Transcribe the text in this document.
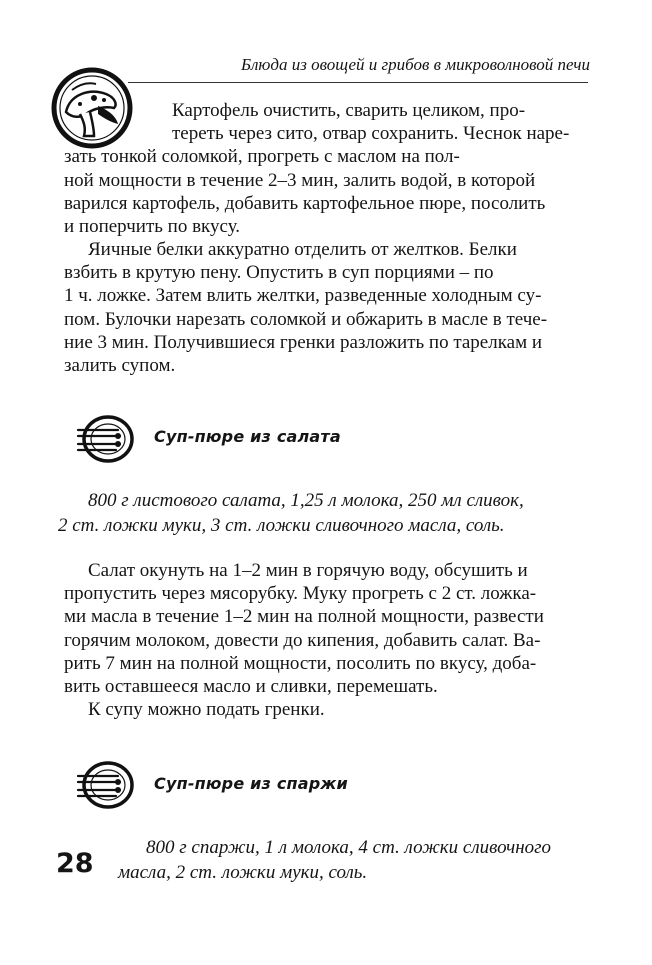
Блюда из овощей и грибов в микроволновой печи
Картофель очистить, сварить целиком, про-
тереть через сито, отвар сохранить. Чеснок наре-
зать тонкой соломкой, прогреть с маслом на пол-
ной мощности в течение 2–3 мин, залить водой, в которой
варился картофель, добавить картофельное пюре, посолить
и поперчить по вкусу.
Яичные белки аккуратно отделить от желтков. Белки
взбить в крутую пену. Опустить в суп порциями – по
1 ч. ложке. Затем влить желтки, разведенные холодным су-
пом. Булочки нарезать соломкой и обжарить в масле в тече-
ние 3 мин. Получившиеся гренки разложить по тарелкам и
залить супом.
Суп-пюре из салата
800 г листового салата, 1,25 л молока, 250 мл сливок,
2 ст. ложки муки, 3 ст. ложки сливочного масла, соль.
Салат окунуть на 1–2 мин в горячую воду, обсушить и
пропустить через мясорубку. Муку прогреть с 2 ст. ложка-
ми масла в течение 1–2 мин на полной мощности, развести
горячим молоком, довести до кипения, добавить салат. Ва-
рить 7 мин на полной мощности, посолить по вкусу, добa-
вить оставшееся масло и сливки, перемешать.
К супу можно подать гренки.
Суп-пюре из спаржи
800 г спаржи, 1 л молока, 4 ст. ложки сливочного
масла, 2 ст. ложки муки, соль.
28
